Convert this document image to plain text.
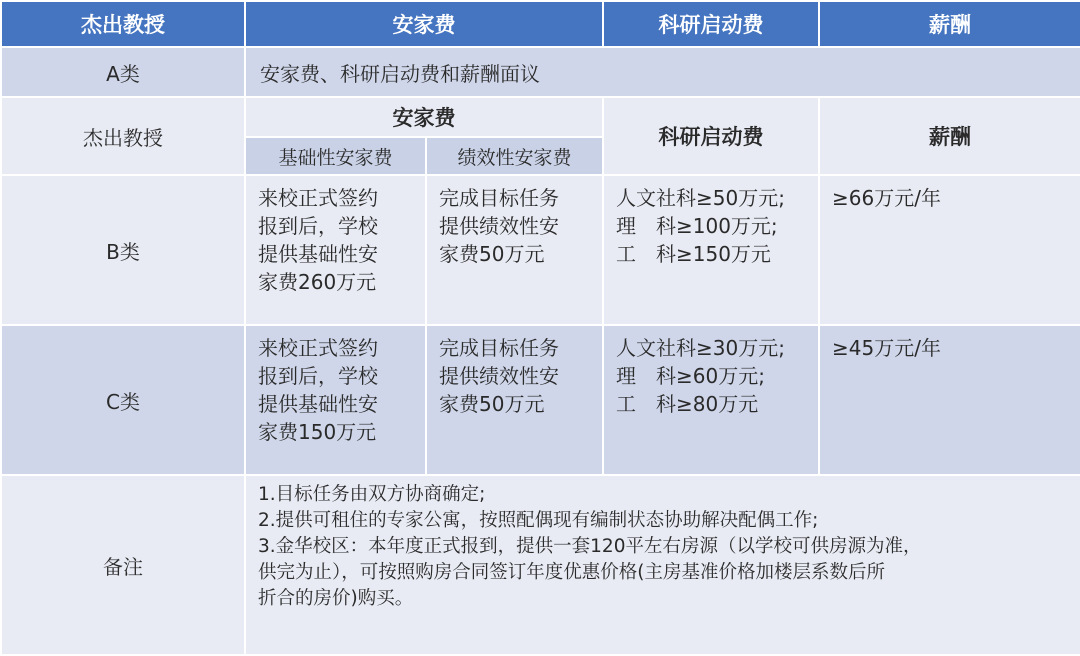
杰出教授	安家费		科研启动费	薪酬
A类	安家费、科研启动费和薪酬面议			
杰出教授	安家费		科研启动费	薪酬
	基础性安家费	绩效性安家费		
B类	来校正式签约
报到后，学校
提供基础性安
家费260万元	完成目标任务
提供绩效性安
家费50万元	人文社科≥50万元;
理　科≥100万元;
工　科≥150万元	≥66万元/年

C类	来校正式签约
报到后，学校
提供基础性安
家费150万元	完成目标任务
提供绩效性安
家费50万元	人文社科≥30万元;
理　科≥60万元;
工　科≥80万元	≥45万元/年

备注	1.目标任务由双方协商确定;
2.提供可租住的专家公寓，按照配偶现有编制状态协助解决配偶工作;
3.金华校区：本年度正式报到，提供一套120平左右房源（以学校可供房源为准，
供完为止），可按照购房合同签订年度优惠价格(主房基准价格加楼层系数后所
折合的房价)购买。			
